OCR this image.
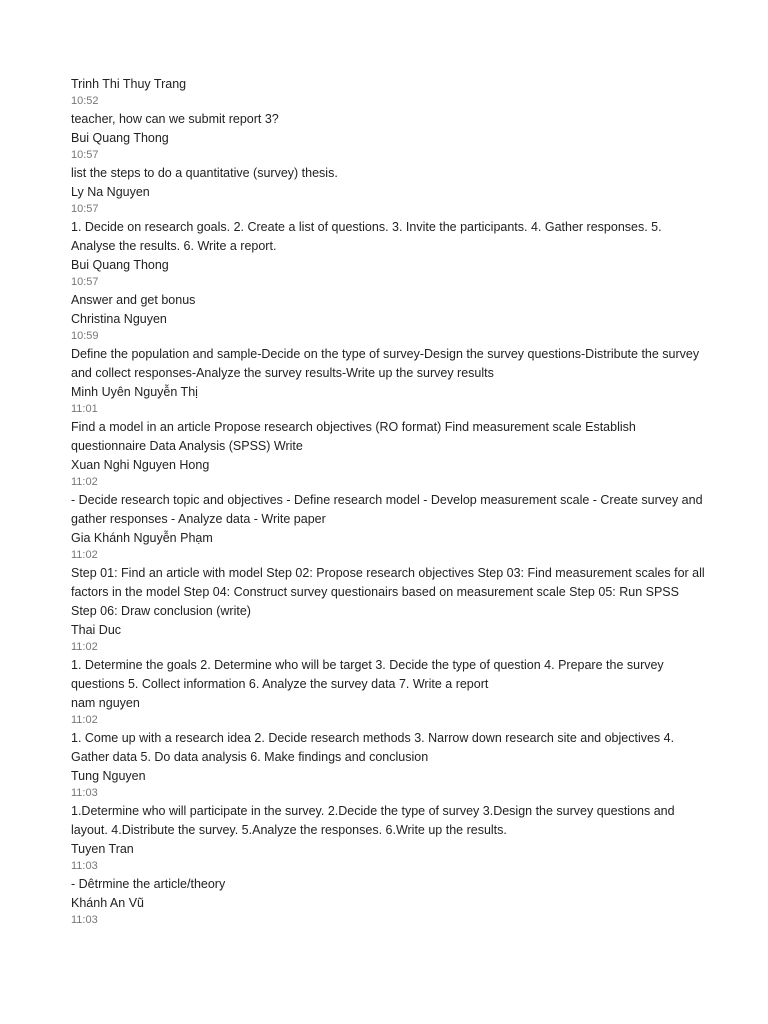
Trinh Thi Thuy Trang
10:52
teacher, how can we submit report 3?
Bui Quang Thong
10:57
list the steps to do a quantitative (survey) thesis.
Ly Na Nguyen
10:57
1. Decide on research goals. 2. Create a list of questions. 3. Invite the participants. 4. Gather responses. 5. Analyse the results. 6. Write a report.
Bui Quang Thong
10:57
Answer and get bonus
Christina Nguyen
10:59
Define the population and sample-Decide on the type of survey-Design the survey questions-Distribute the survey and collect responses-Analyze the survey results-Write up the survey results
Minh Uyên Nguyễn Thị
11:01
Find a model in an article Propose research objectives (RO format) Find measurement scale Establish questionnaire Data Analysis (SPSS) Write
Xuan Nghi Nguyen Hong
11:02
- Decide research topic and objectives - Define research model - Develop measurement scale - Create survey and gather responses - Analyze data - Write paper
Gia Khánh Nguyễn Phạm
11:02
Step 01: Find an article with model Step 02: Propose research objectives Step 03: Find measurement scales for all factors in the model Step 04: Construct survey questionairs based on measurement scale Step 05: Run SPSS Step 06: Draw conclusion (write)
Thai Duc
11:02
1. Determine the goals 2. Determine who will be target 3. Decide the type of question 4. Prepare the survey questions 5. Collect information 6. Analyze the survey data 7. Write a report
nam nguyen
11:02
1. Come up with a research idea 2. Decide research methods 3. Narrow down research site and objectives 4. Gather data 5. Do data analysis 6. Make findings and conclusion
Tung Nguyen
11:03
1.Determine who will participate in the survey. 2.Decide the type of survey 3.Design the survey questions and layout. 4.Distribute the survey. 5.Analyze the responses. 6.Write up the results.
Tuyen Tran
11:03
- Dêtrmine the article/theory
Khánh An Vũ
11:03
